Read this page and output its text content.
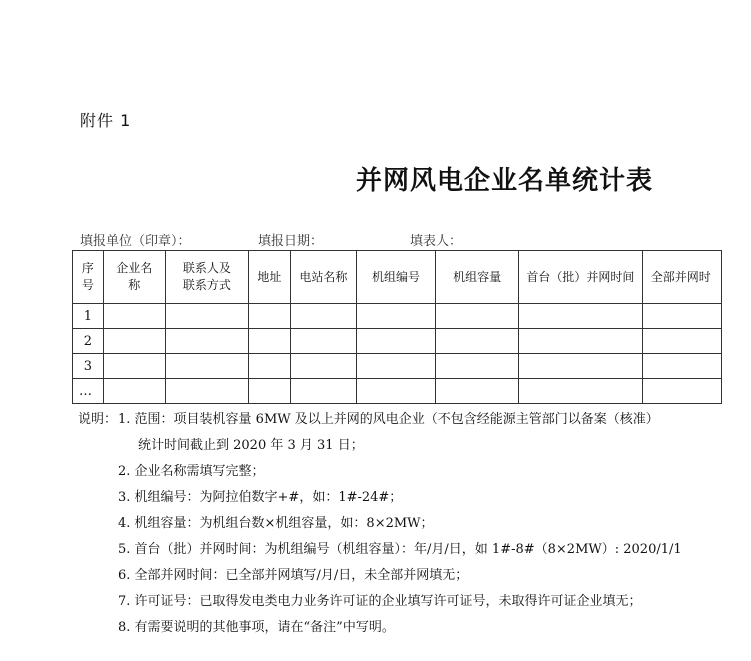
附件 1
并网风电企业名单统计表
填报单位（印章）：	填报日期：	填表人：
序号	企业名称	联系人及联系方式	地址	电站名称	机组编号	机组容量	首台（批）并网时间	全部并网时
1								
2								
3								
…								
说明： 1. 范围：项目装机容量 6MW 及以上并网的风电企业（不包含经能源主管部门以备案（核准）
统计时间截止到 2020 年 3 月 31 日；
2. 企业名称需填写完整；
3. 机组编号：为阿拉伯数字+#，如：1#-24#；
4. 机组容量：为机组台数×机组容量，如：8×2MW；
5. 首台（批）并网时间：为机组编号（机组容量）：年/月/日，如 1#-8#（8×2MW）: 2020/1/1
6. 全部并网时间：已全部并网填写/月/日，未全部并网填无；
7. 许可证号：已取得发电类电力业务许可证的企业填写许可证号，未取得许可证企业填无；
8. 有需要说明的其他事项，请在“备注”中写明。
